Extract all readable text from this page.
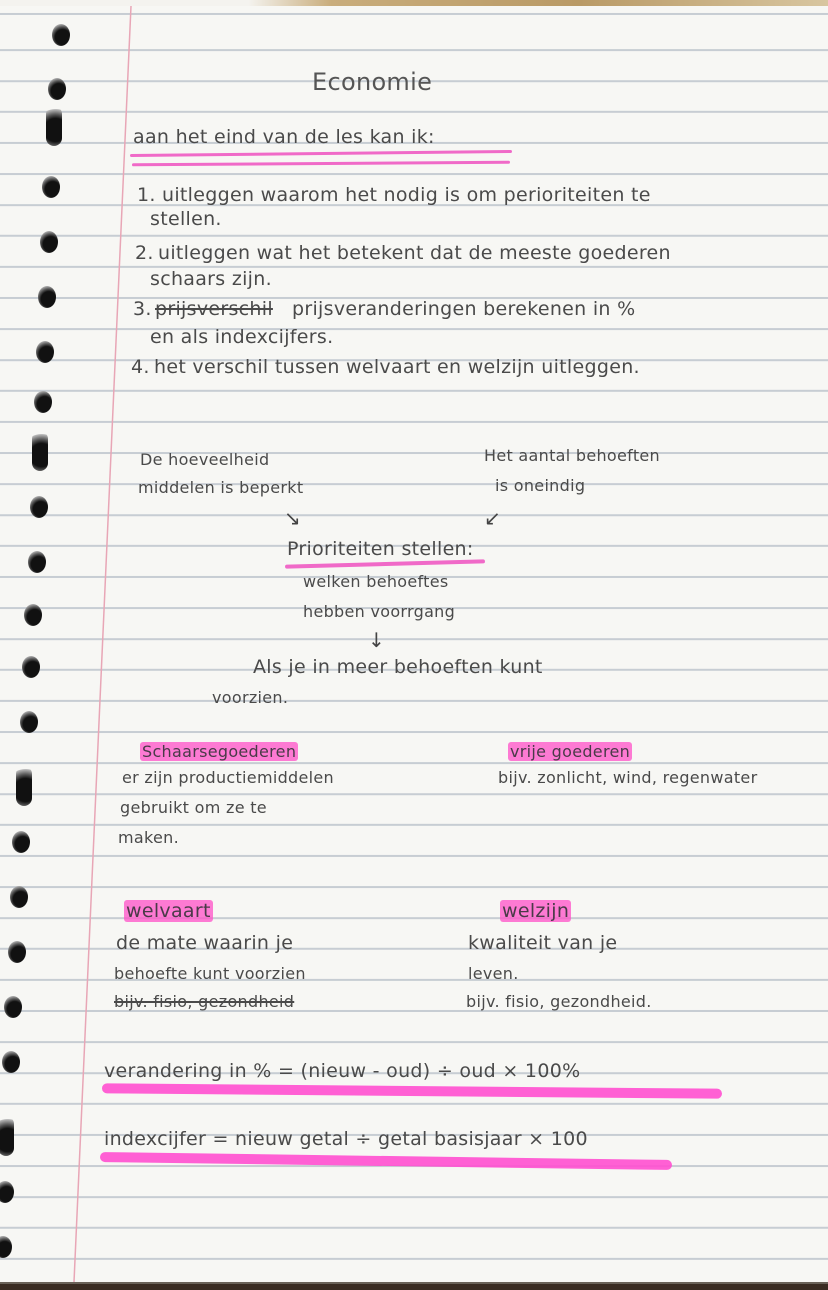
Economie
aan het eind van de les kan ik:
1. uitleggen waarom het nodig is om perioriteiten te
stellen.
2. uitleggen wat het betekent dat de meeste goederen
schaars zijn.
3. prijsverschil prijsveranderingen berekenen in %
en als indexcijfers.
4. het verschil tussen welvaart en welzijn uitleggen.
De hoeveelheid
middelen is beperkt
Het aantal behoeften
is oneindig
↘	↙
Prioriteiten stellen:
welken behoeftes
hebben voorrgang
↓
Als je in meer behoeften kunt
voorzien.
Schaarsegoederen
er zijn productiemiddelen
gebruikt om ze te
maken.
vrije goederen
bijv. zonlicht, wind, regenwater
welvaart
de mate waarin je
behoefte kunt voorzien
bijv. fisio, gezondheid
welzijn
kwaliteit van je
leven.
bijv. fisio, gezondheid.
verandering in % = (nieuw - oud) ÷ oud × 100%
indexcijfer = nieuw getal ÷ getal basisjaar × 100
